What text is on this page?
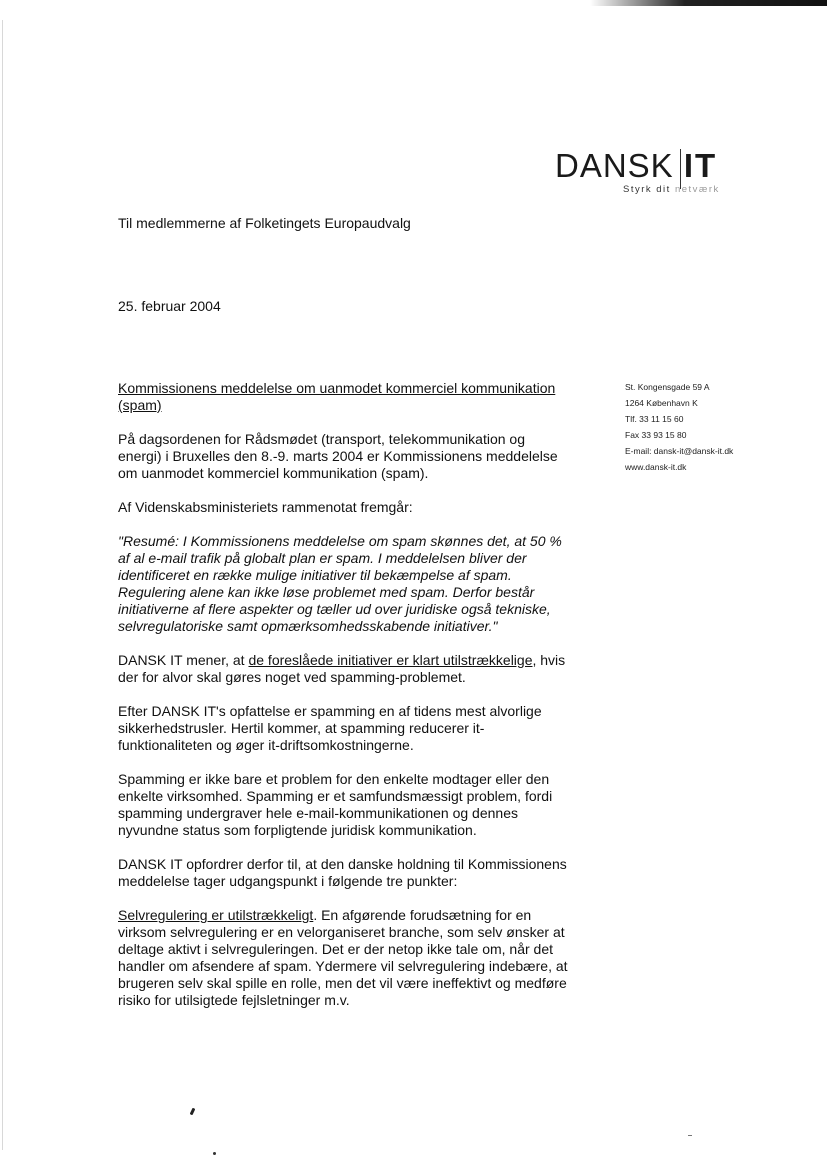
DANSK IT
Styrk dit netværk
Til medlemmerne af Folketingets Europaudvalg
25. februar 2004
St. Kongensgade 59 A
1264 København K
Tlf. 33 11 15 60
Fax 33 93 15 80
E-mail: dansk-it@dansk-it.dk
www.dansk-it.dk

Kommissionens meddelelse om uanmodet kommerciel kommunikation (spam)

På dagsordenen for Rådsmødet (transport, telekommunikation og energi) i Bruxelles den 8.-9. marts 2004 er Kommissionens meddelelse om uanmodet kommerciel kommunikation (spam).

Af Videnskabsministeriets rammenotat fremgår:

"Resumé: I Kommissionens meddelelse om spam skønnes det, at 50 % af al e-mail trafik på globalt plan er spam. I meddelelsen bliver der identificeret en række mulige initiativer til bekæmpelse af spam. Regulering alene kan ikke løse problemet med spam. Derfor består initiativerne af flere aspekter og tæller ud over juridiske også tekniske, selvregulatoriske samt opmærksomhedsskabende initiativer."

DANSK IT mener, at de foreslåede initiativer er klart utilstrækkelige, hvis der for alvor skal gøres noget ved spamming-problemet.

Efter DANSK IT's opfattelse er spamming en af tidens mest alvorlige sikkerhedstrusler. Hertil kommer, at spamming reducerer it-funktionaliteten og øger it-driftsomkostningerne.

Spamming er ikke bare et problem for den enkelte modtager eller den enkelte virksomhed. Spamming er et samfundsmæssigt problem, fordi spamming undergraver hele e-mail-kommunikationen og dennes nyvundne status som forpligtende juridisk kommunikation.

DANSK IT opfordrer derfor til, at den danske holdning til Kommissionens meddelelse tager udgangspunkt i følgende tre punkter:

Selvregulering er utilstrækkeligt. En afgørende forudsætning for en virksom selvregulering er en velorganiseret branche, som selv ønsker at deltage aktivt i selvreguleringen. Det er der netop ikke tale om, når det handler om afsendere af spam. Ydermere vil selvregulering indebære, at brugeren selv skal spille en rolle, men det vil være ineffektivt og medføre risiko for utilsigtede fejlsletninger m.v.
